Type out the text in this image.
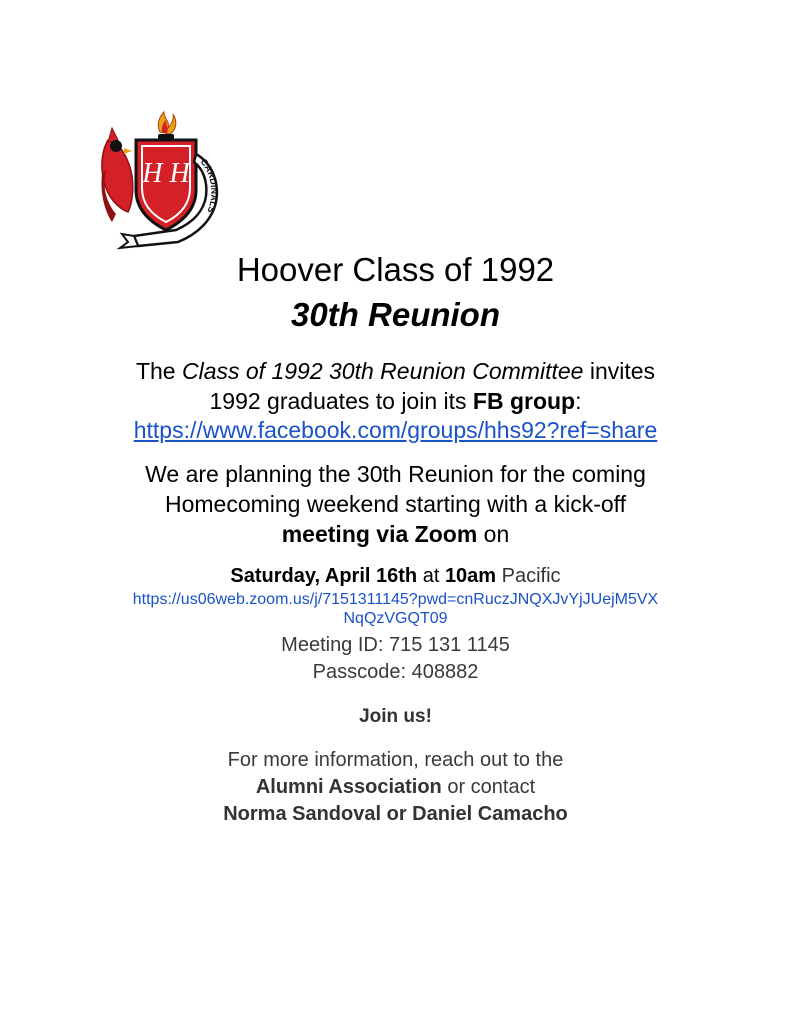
H H CARDINALS
Hoover Class of 1992
30th Reunion
The Class of 1992 30th Reunion Committee invites
1992 graduates to join its FB group:
https://www.facebook.com/groups/hhs92?ref=share
We are planning the 30th Reunion for the coming
Homecoming weekend starting with a kick-off
meeting via Zoom on
Saturday, April 16th at 10am Pacific
https://us06web.zoom.us/j/7151311145?pwd=cnRuczJNQXJvYjJUejM5VX
NqQzVGQT09
Meeting ID: 715 131 1145
Passcode: 408882
Join us!
For more information, reach out to the
Alumni Association or contact
Norma Sandoval or Daniel Camacho
